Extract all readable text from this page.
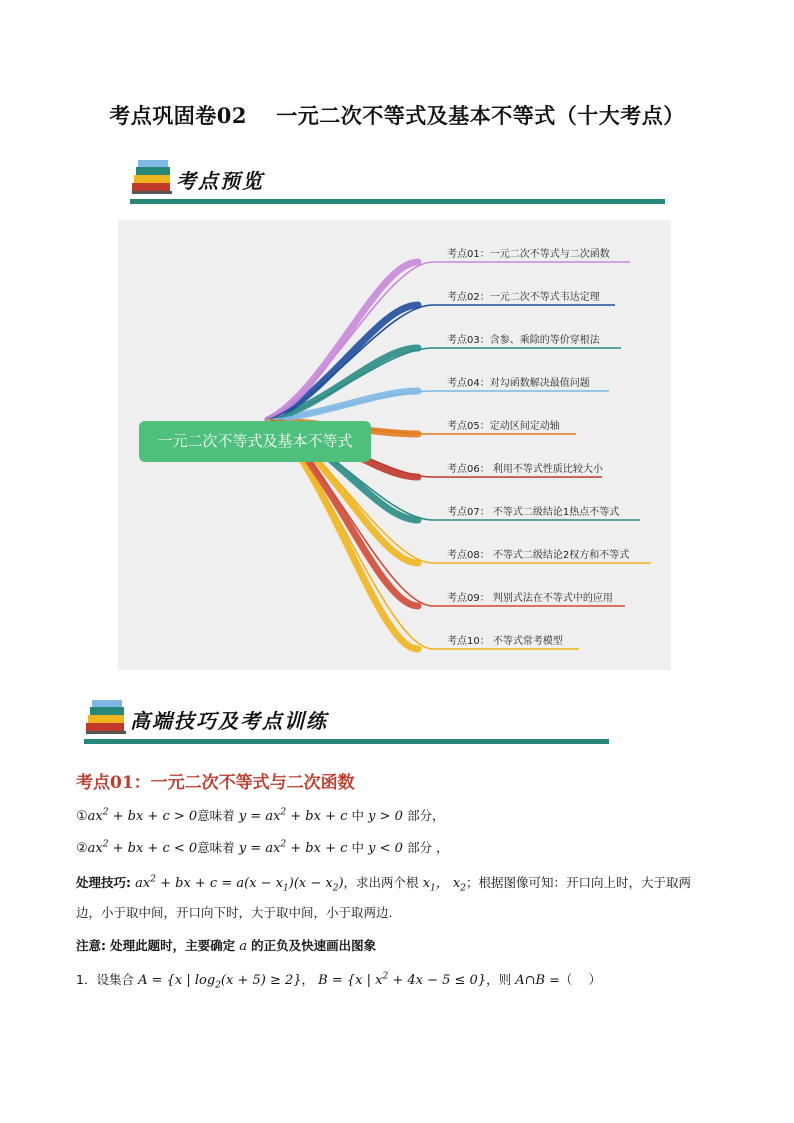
考点巩固卷02　 一元二次不等式及基本不等式（十大考点）
考点预览
一元二次不等式及基本不等式
考点01：一元二次不等式与二次函数
考点02：一元二次不等式韦达定理
考点03：含参、乘除的等价穿根法
考点04：对勾函数解决最值问题
考点05：定动区间定动轴
考点06： 利用不等式性质比较大小
考点07： 不等式二级结论1热点不等式
考点08： 不等式二级结论2权方和不等式
考点09： 判别式法在不等式中的应用
考点10： 不等式常考模型
高端技巧及考点训练
考点01：一元二次不等式与二次函数
$①ax^2$ + bx + c > 0意味着 $y = ax^2$ + bx + c 中 y > 0 部分，
$②ax^2$ + bx + c < 0意味着 $y = ax^2$ + bx + c 中 y < 0 部分 ，
处理技巧: $ax^2$ + bx + $c = a(x - x_1)(x - x_2)$，求出两个根 $x_1$， $x_2$；根据图像可知：开口向上时，大于取两
边，小于取中间，开口向下时，大于取中间，小于取两边.
注意: 处理此题时，主要确定 a 的正负及快速画出图象
1．设集合 A = {x | $\log_2(x + 5) \ge 2$}， B = {x | $x^2 + 4x - 5 \le 0$}，则 A∩B =（　 ）
